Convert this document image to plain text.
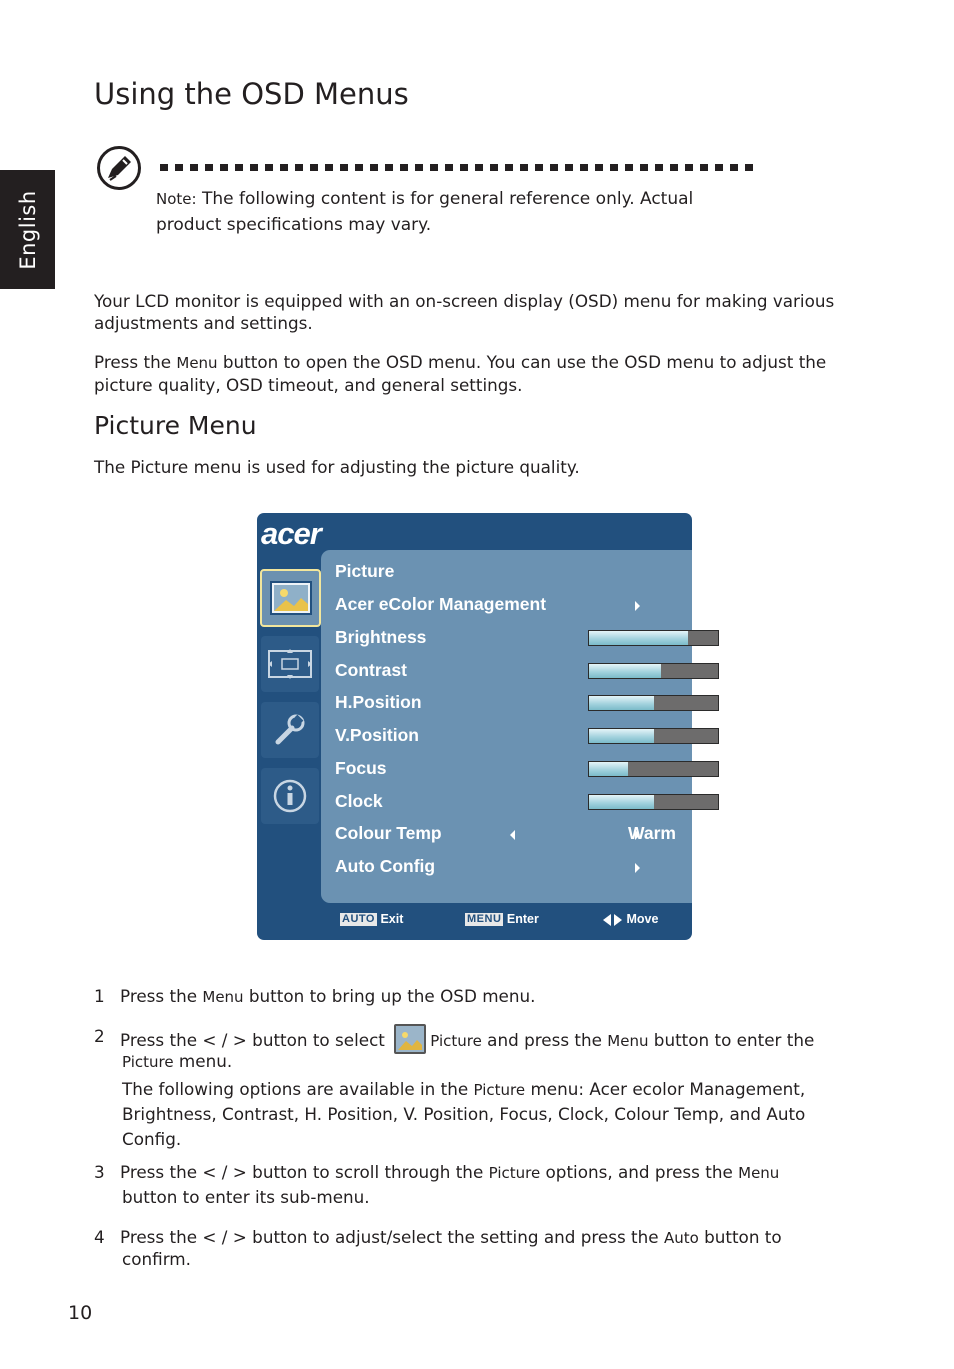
English
Using the OSD Menus
Note: The following content is for general reference only. Actual product specifications may vary.

Your LCD monitor is equipped with an on-screen display (OSD) menu for making various adjustments and settings.

Press the Menu button to open the OSD menu. You can use the OSD menu to adjust the picture quality, OSD timeout, and general settings.

Picture Menu

The Picture menu is used for adjusting the picture quality.

acer
Picture
Acer eColor Management
Brightness	77
Contrast	56
H.Position	50
V.Position	50
Focus	30
Clock	50
Colour Temp	Warm
Auto Config
AUTO Exit	MENU Enter	Move
1 Press the Menu button to bring up the OSD menu.
2 Press the < / > button to select	Picture and press the Menu button to enter the
Picture menu.
The following options are available in the Picture menu: Acer ecolor Management,
Brightness, Contrast, H. Position, V. Position, Focus, Clock, Colour Temp, and Auto
Config.
3 Press the < / > button to scroll through the Picture options, and press the Menu
button to enter its sub-menu.
4 Press the < / > button to adjust/select the setting and press the Auto button to
confirm.
10
